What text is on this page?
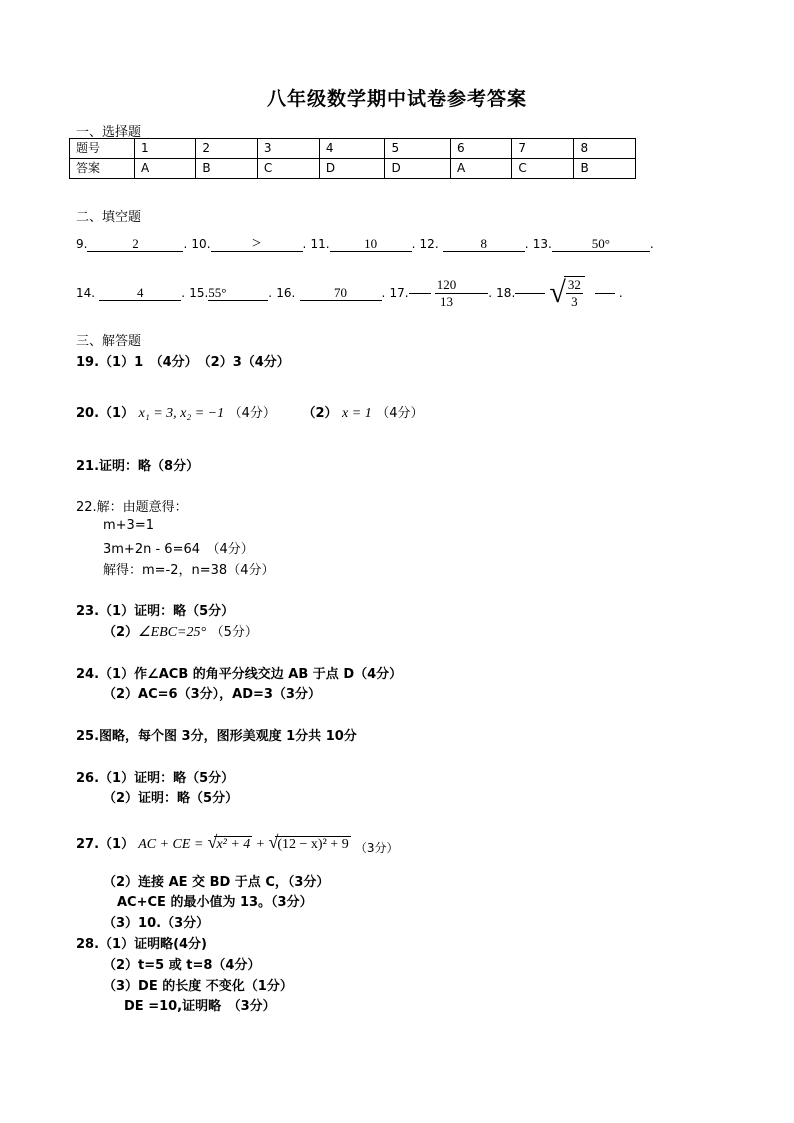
八年级数学期中试卷参考答案
一、选择题
题号	1	2	3	4	5	6	7	8
答案	A	B	C	D	D	A	C	B
二、填空题
9.	2	. 10.	>	. 11.	10	. 12.	8	. 13.	50°	.
14.	4	. 15.55°	. 16.	70	. 17. $\frac{120}{13}$	. 18. √
$\frac{32}{3}$	.
三、解答题
19.（1）1　（4分）　（2）3（4分）
20.（1） x₁ = 3, x₂ = −1 （4分） （2） x = 1 （4分）
21.证明：略（8分）
22.解：由题意得：
m+3=1
3m+2n - 6=64　（4分）
解得：m=-2，n=38（4分）
23.（1）证明：略（5分）
（2）∠EBC=25° （5分）
24.（1）作∠ACB 的角平分线交边 AB 于点 D（4分）
（2）AC=6（3分），AD=3（3分）
25.图略，每个图 3分，图形美观度 1分共 10分
26.（1）证明：略（5分）
（2）证明：略（5分）
27.（1） AC + CE = √x² + 4 + √(12 − x)² + 9 （3分）
（2）连接 AE 交 BD 于点 C，（3分）
AC+CE 的最小值为 13。（3分）
（3）10.（3分）
28.（1）证明略(4分)
（2）t=5 或 t=8（4分）
（3）DE 的长度 不变化（1分）
DE =10,证明略　（3分）
